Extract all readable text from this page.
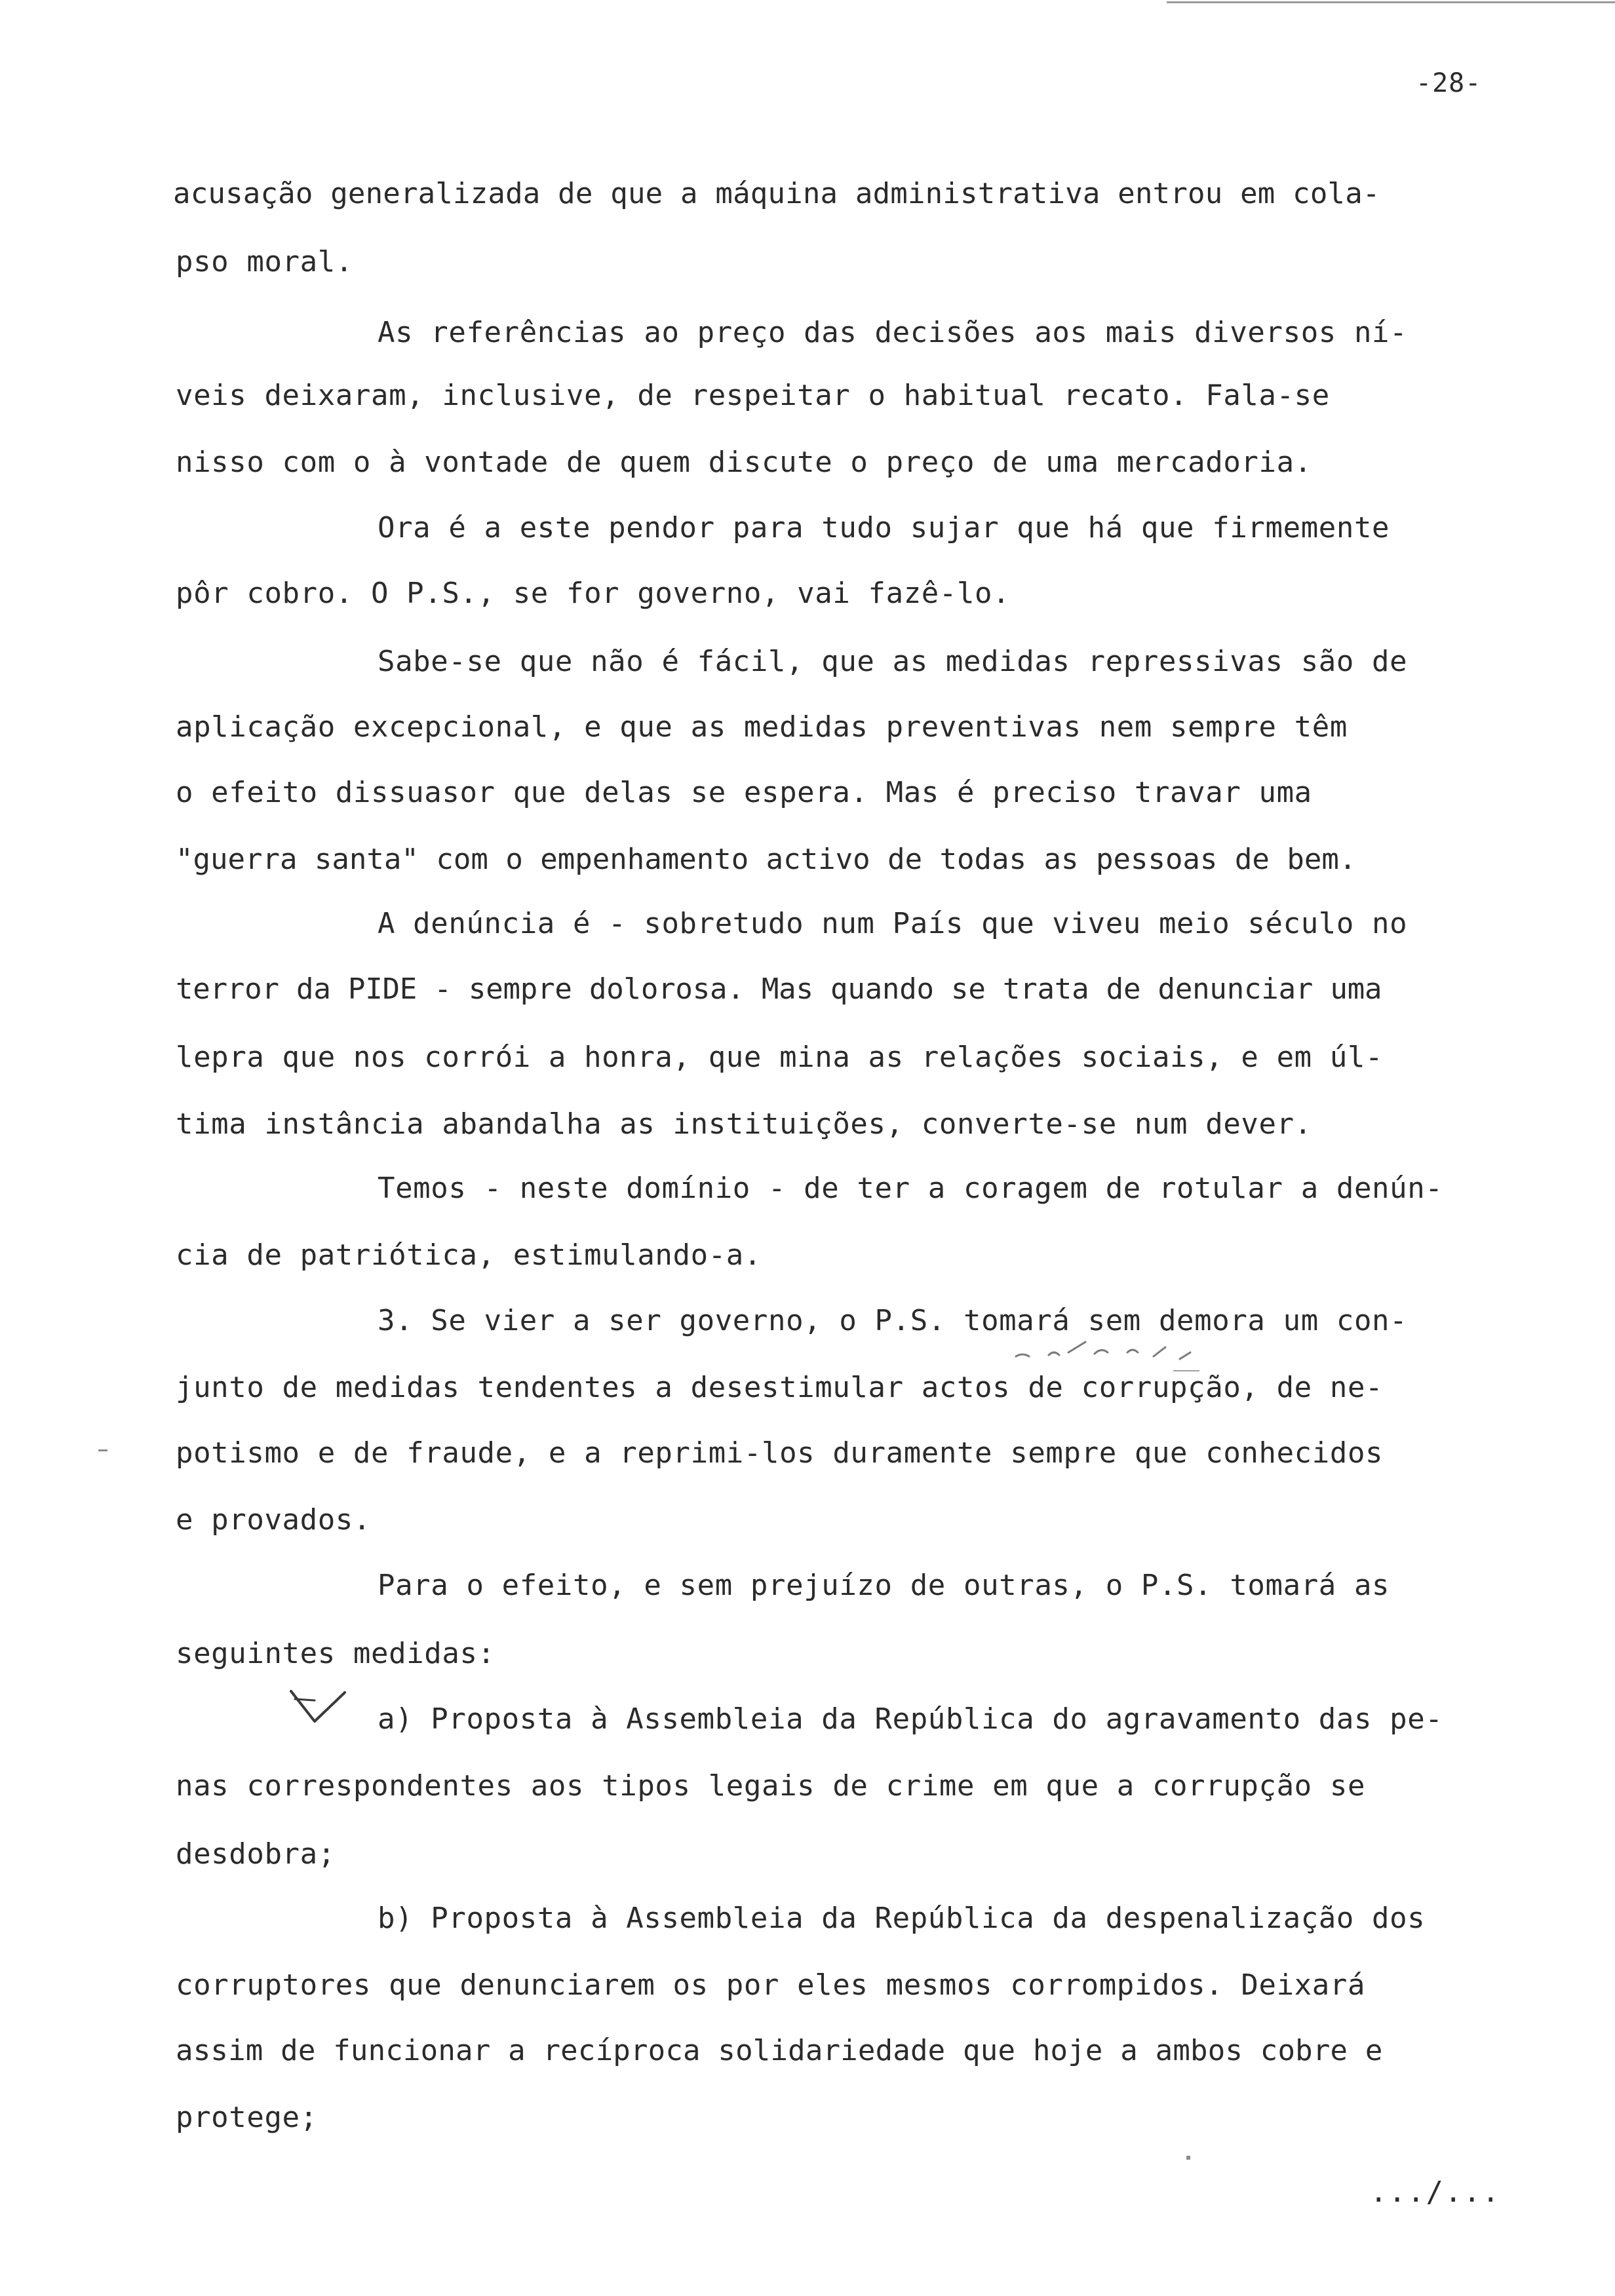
-28-
acusação generalizada de que a máquina administrativa entrou em cola-
pso moral.
As referências ao preço das decisões aos mais diversos ní-
veis deixaram, inclusive, de respeitar o habitual recato. Fala-se
nisso com o à vontade de quem discute o preço de uma mercadoria.
Ora é a este pendor para tudo sujar que há que firmemente
pôr cobro. O P.S., se for governo, vai fazê-lo.
Sabe-se que não é fácil, que as medidas repressivas são de
aplicação excepcional, e que as medidas preventivas nem sempre têm
o efeito dissuasor que delas se espera. Mas é preciso travar uma
"guerra santa" com o empenhamento activo de todas as pessoas de bem.
A denúncia é - sobretudo num País que viveu meio século no
terror da PIDE - sempre dolorosa. Mas quando se trata de denunciar uma
lepra que nos corrói a honra, que mina as relações sociais, e em úl-
tima instância abandalha as instituições, converte-se num dever.
Temos - neste domínio - de ter a coragem de rotular a denún-
cia de patriótica, estimulando-a.
3. Se vier a ser governo, o P.S. tomará sem demora um con-
junto de medidas tendentes a desestimular actos de corrupção, de ne-
potismo e de fraude, e a reprimi-los duramente sempre que conhecidos
e provados.
Para o efeito, e sem prejuízo de outras, o P.S. tomará as
seguintes medidas:
a) Proposta à Assembleia da República do agravamento das pe-
nas correspondentes aos tipos legais de crime em que a corrupção se
desdobra;
b) Proposta à Assembleia da República da despenalização dos
corruptores que denunciarem os por eles mesmos corrompidos. Deixará
assim de funcionar a recíproca solidariedade que hoje a ambos cobre e
protege;
.../...
